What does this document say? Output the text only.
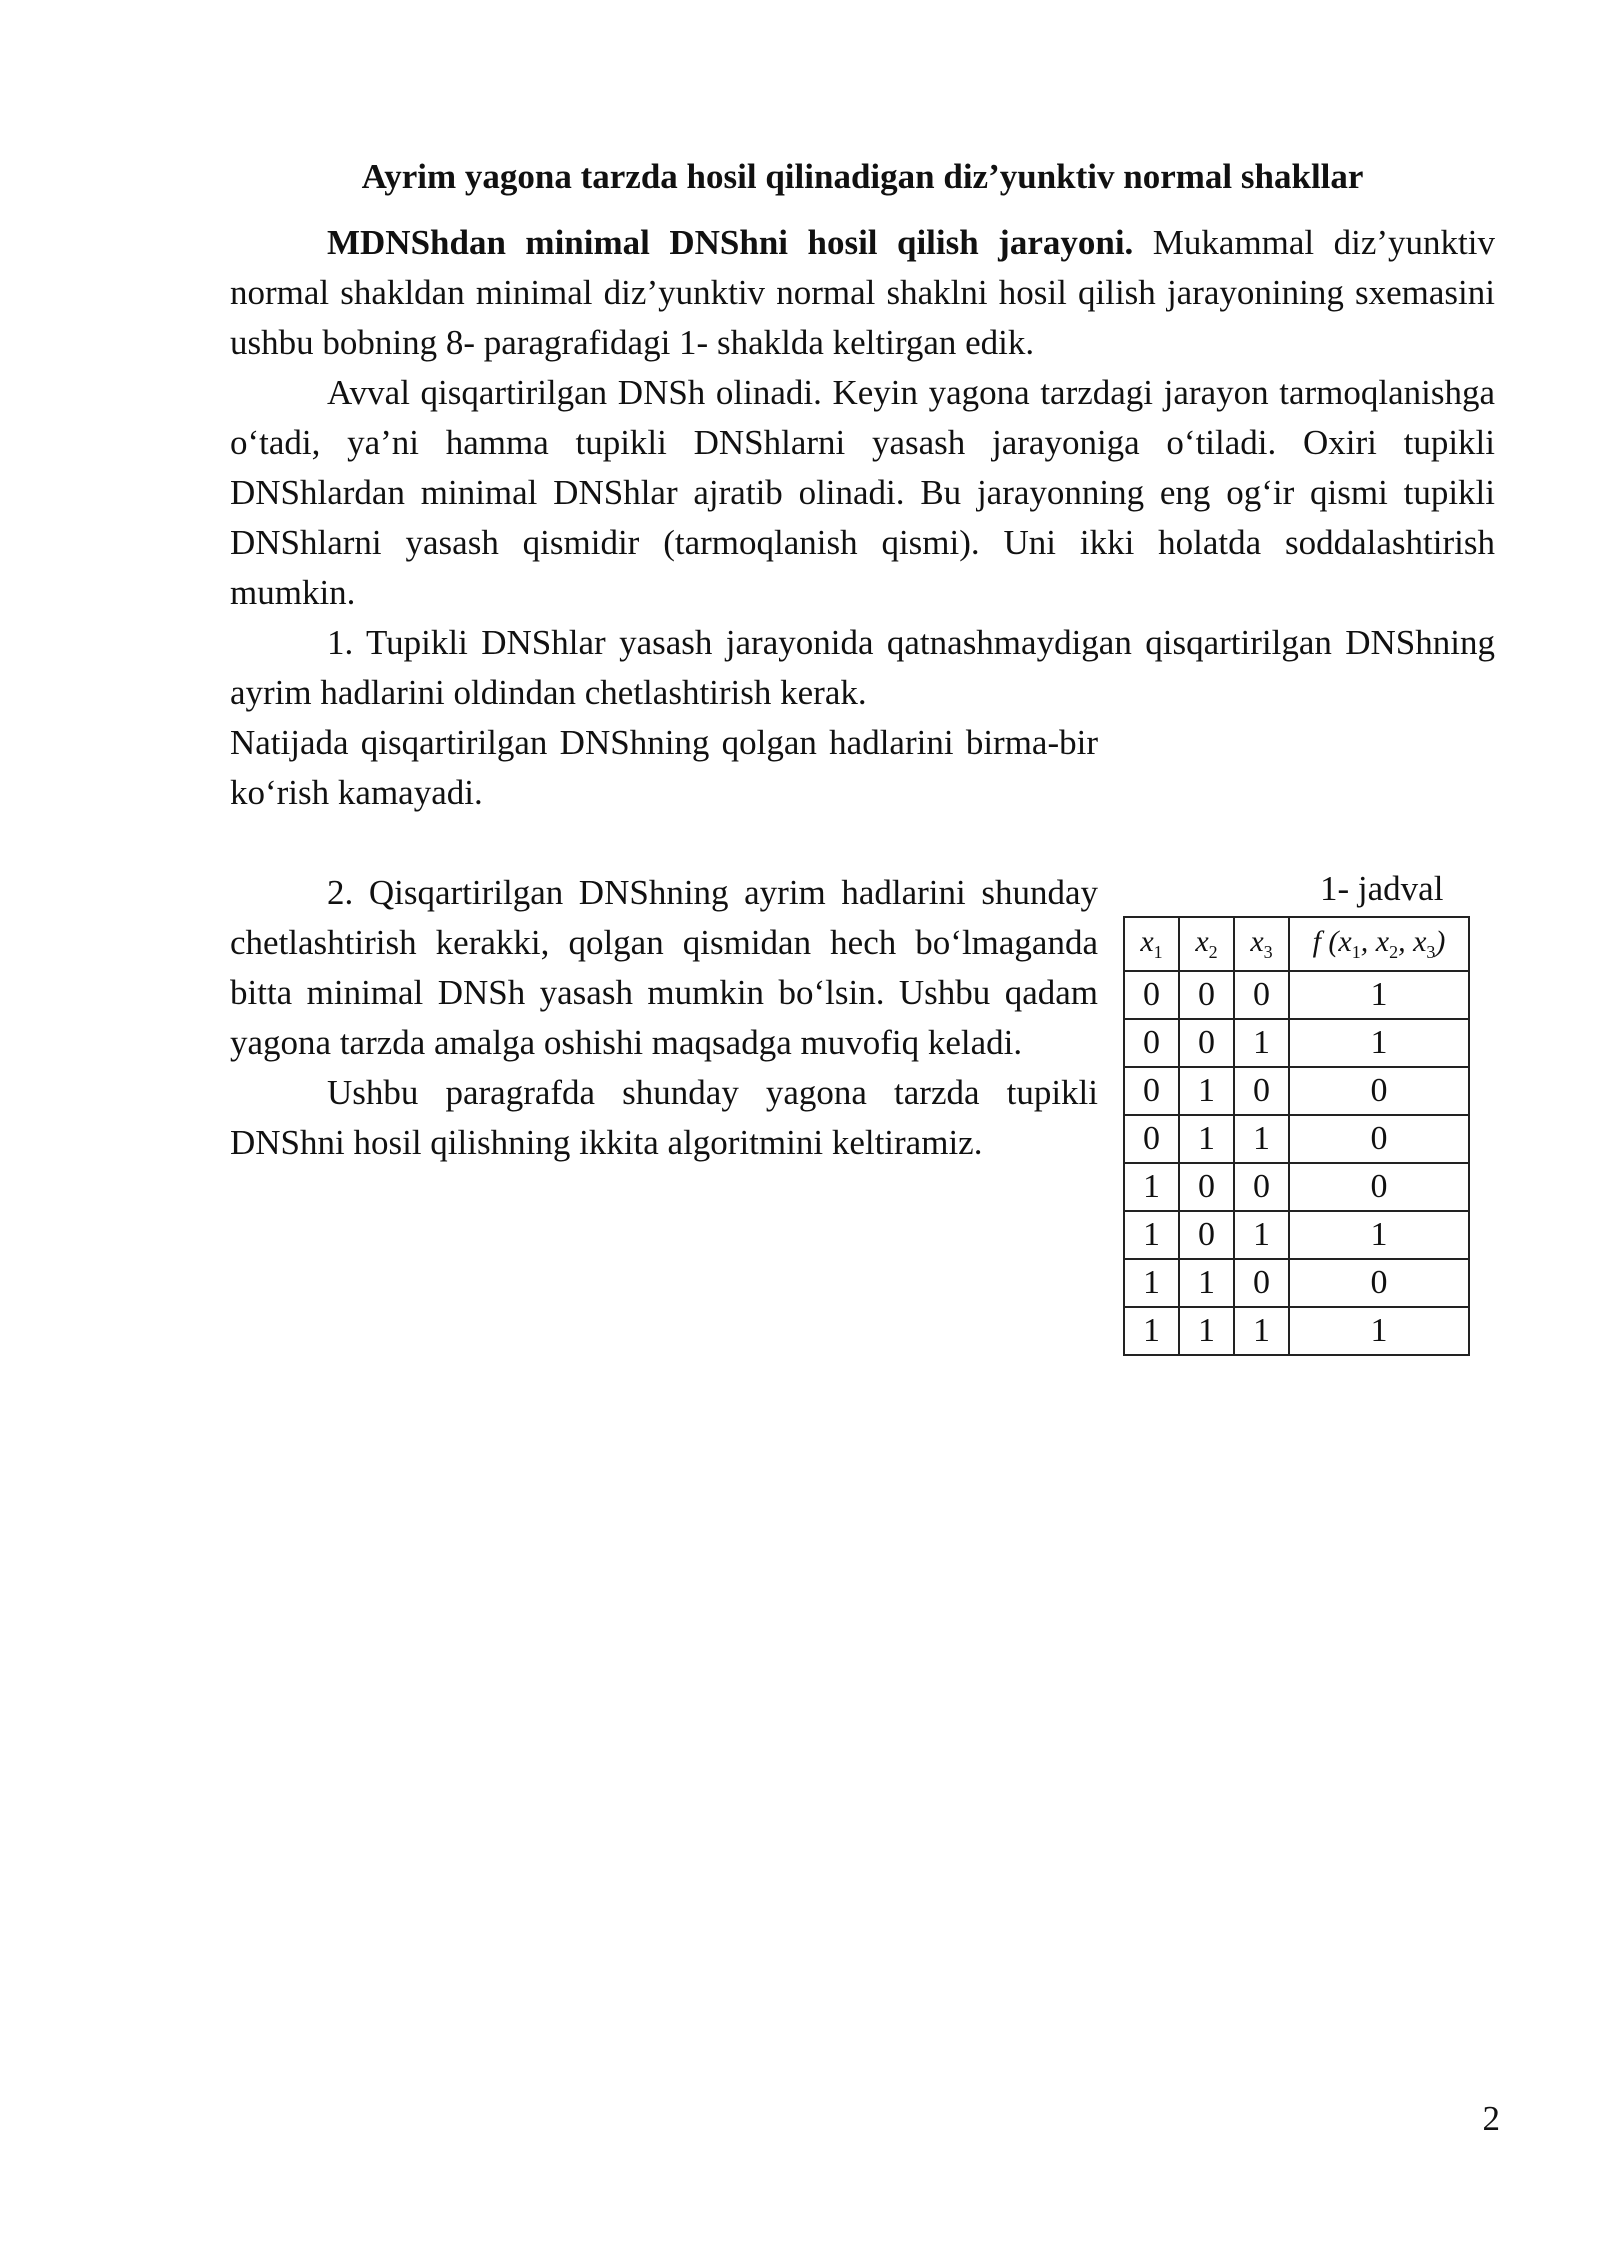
Ayrim yagona tarzda hosil qilinadigan diz’yunktiv normal shakllar

MDNShdan minimal DNShni hosil qilish jarayoni. Mukammal diz’yunktiv normal shakldan minimal diz’yunktiv normal shaklni hosil qilish jarayonining sxemasini ushbu bobning 8- paragrafidagi 1- shaklda keltirgan edik.

Avval qisqartirilgan DNSh olinadi. Keyin yagona tarzdagi jarayon tarmoqlanishga o‘tadi, ya’ni hamma tupikli DNShlarni yasash jarayoniga o‘tiladi. Oxiri tupikli DNShlardan minimal DNShlar ajratib olinadi. Bu jarayonning eng og‘ir qismi tupikli DNShlarni yasash qismidir (tarmoqlanish qismi). Uni ikki holatda soddalashtirish mumkin.

1. Tupikli DNShlar yasash jarayonida qatnashmaydigan qisqartirilgan DNShning ayrim hadlarini oldindan chetlashtirish kerak.

Natijada qisqartirilgan DNShning qolgan hadlarini birma-bir ko‘rish kamayadi.

2. Qisqartirilgan DNShning ayrim hadlarini shunday chetlashtirish kerakki, qolgan qismidan hech bo‘lmaganda bitta minimal DNSh yasash mumkin bo‘lsin. Ushbu qadam yagona tarzda amalga oshishi maqsadga muvofiq keladi.

Ushbu paragrafda shunday yagona tarzda tupikli DNShni hosil qilishning ikkita algoritmini keltiramiz.

1- jadval
$x_1$	$x_2$	$x_3$	f ($x_1$, $x_2$, $x_3$)
0	0	0	1
0	0	1	1
0	1	0	0
0	1	1	0
1	0	0	0
1	0	1	1
1	1	0	0
1	1	1	1
2
